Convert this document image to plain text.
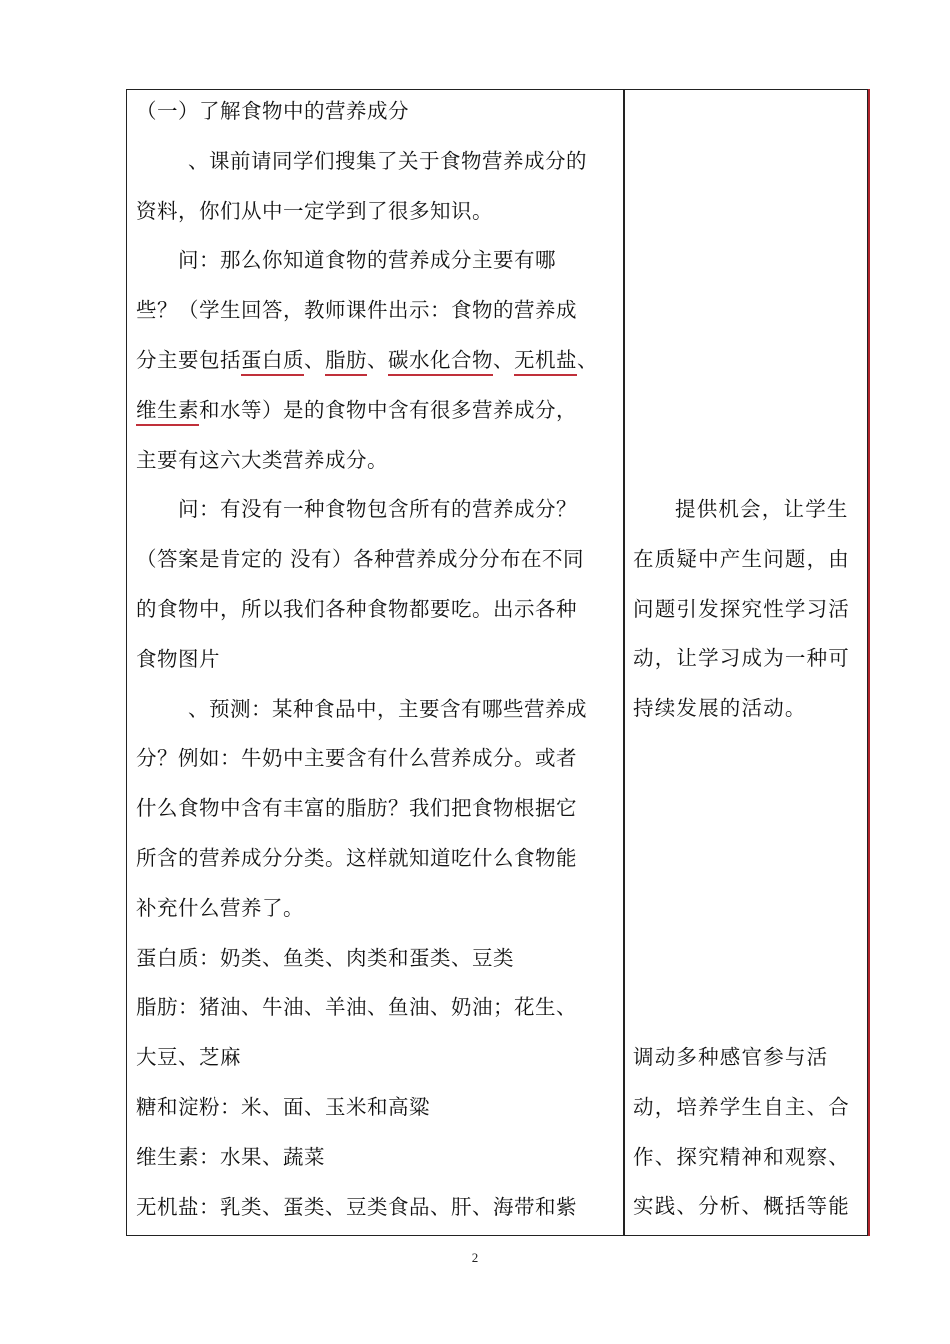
（一）了解食物中的营养成分
、课前请同学们搜集了关于食物营养成分的
资料，你们从中一定学到了很多知识。
问：那么你知道食物的营养成分主要有哪
些？（学生回答，教师课件出示：食物的营养成
分主要包括蛋白质、脂肪、碳水化合物、无机盐、
维生素和水等）是的食物中含有很多营养成分，
主要有这六大类营养成分。
问：有没有一种食物包含所有的营养成分？
（答案是肯定的 没有）各种营养成分分布在不同
的食物中，所以我们各种食物都要吃。出示各种
食物图片
、预测：某种食品中，主要含有哪些营养成
分？例如：牛奶中主要含有什么营养成分。或者
什么食物中含有丰富的脂肪？我们把食物根据它
所含的营养成分分类。这样就知道吃什么食物能
补充什么营养了。
蛋白质：奶类、鱼类、肉类和蛋类、豆类
脂肪：猪油、牛油、羊油、鱼油、奶油；花生、
大豆、芝麻
糖和淀粉：米、面、玉米和高粱
维生素：水果、蔬菜
无机盐：乳类、蛋类、豆类食品、肝、海带和紫
提供机会，让学生
在质疑中产生问题，由
问题引发探究性学习活
动，让学习成为一种可
持续发展的活动。
调动多种感官参与活
动，培养学生自主、合
作、探究精神和观察、
实践、分析、概括等能
2
